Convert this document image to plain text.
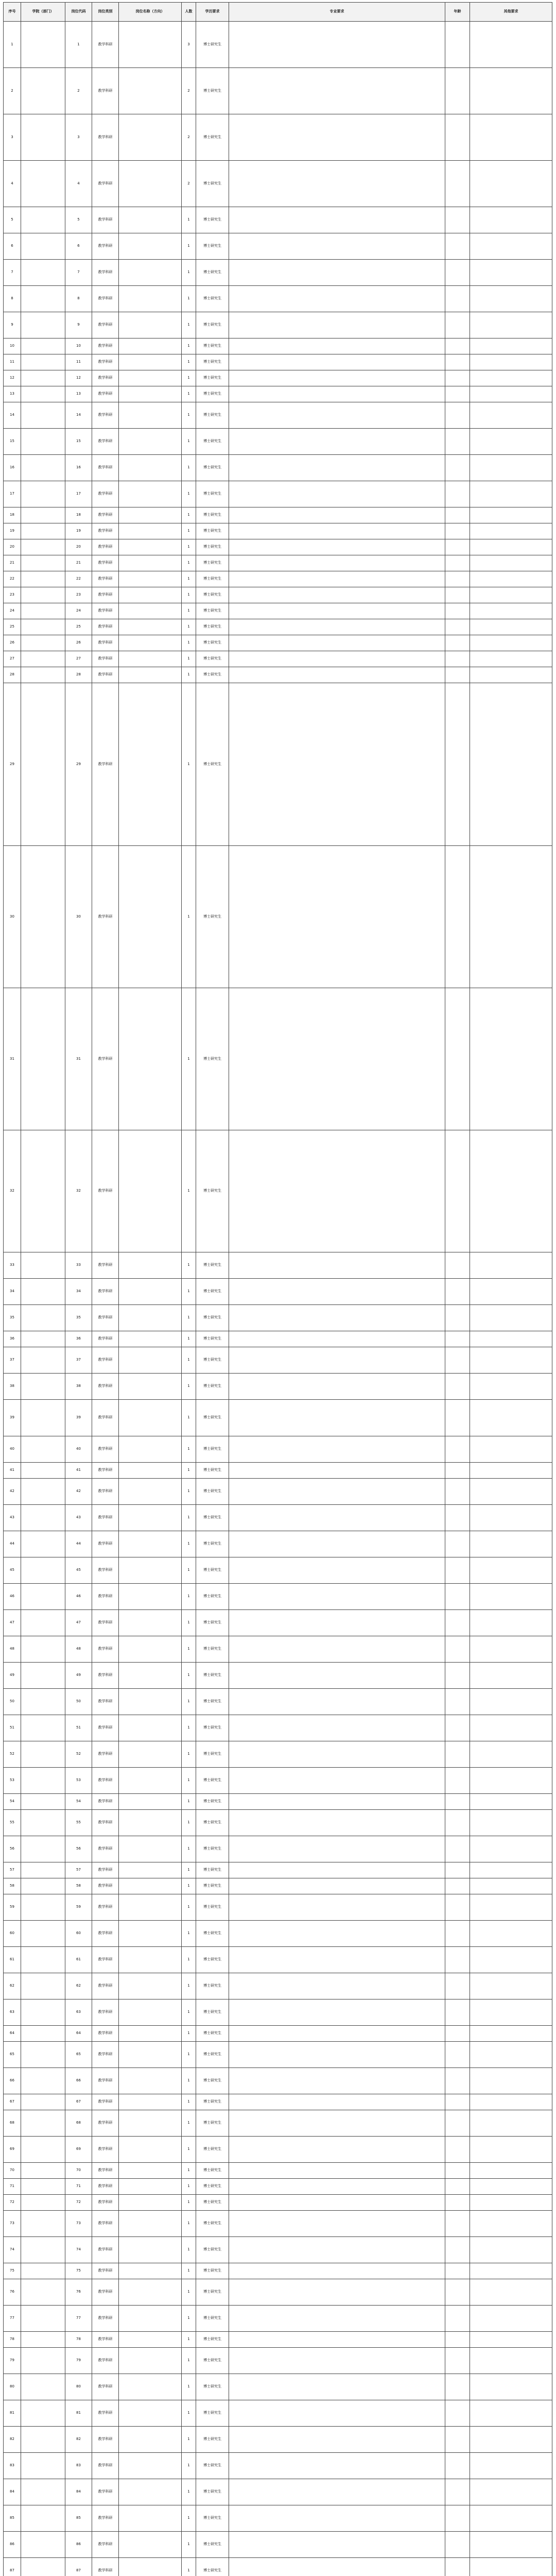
序号	学院（部门）	岗位代码	岗位类别	岗位名称（方向）	人数	学历要求	专业要求	年龄	其他要求
1		1	教学科研		3	博士研究生			
2		2	教学科研		2	博士研究生			
3		3	教学科研		2	博士研究生			
4		4	教学科研		2	博士研究生			
5		5	教学科研		1	博士研究生			
6		6	教学科研		1	博士研究生			
7		7	教学科研		1	博士研究生			
8		8	教学科研		1	博士研究生			
9		9	教学科研		1	博士研究生			
10		10	教学科研		1	博士研究生			
11		11	教学科研		1	博士研究生			
12		12	教学科研		1	博士研究生			
13		13	教学科研		1	博士研究生			
14		14	教学科研		1	博士研究生			
15		15	教学科研		1	博士研究生			
16		16	教学科研		1	博士研究生			
17		17	教学科研		1	博士研究生			
18		18	教学科研		1	博士研究生			
19		19	教学科研		1	博士研究生			
20		20	教学科研		1	博士研究生			
21		21	教学科研		1	博士研究生			
22		22	教学科研		1	博士研究生			
23		23	教学科研		1	博士研究生			
24		24	教学科研		1	博士研究生			
25		25	教学科研		1	博士研究生			
26		26	教学科研		1	博士研究生			
27		27	教学科研		1	博士研究生			
28		28	教学科研		1	博士研究生			
29		29	教学科研		1	博士研究生			
30		30	教学科研		1	博士研究生			
31		31	教学科研		1	博士研究生			
32		32	教学科研		1	博士研究生			
33		33	教学科研		1	博士研究生			
34		34	教学科研		1	博士研究生			
35		35	教学科研		1	博士研究生			
36		36	教学科研		1	博士研究生			
37		37	教学科研		1	博士研究生			
38		38	教学科研		1	博士研究生			
39		39	教学科研		1	博士研究生			
40		40	教学科研		1	博士研究生			
41		41	教学科研		1	博士研究生			
42		42	教学科研		1	博士研究生			
43		43	教学科研		1	博士研究生			
44		44	教学科研		1	博士研究生			
45		45	教学科研		1	博士研究生			
46		46	教学科研		1	博士研究生			
47		47	教学科研		1	博士研究生			
48		48	教学科研		1	博士研究生			
49		49	教学科研		1	博士研究生			
50		50	教学科研		1	博士研究生			
51		51	教学科研		1	博士研究生			
52		52	教学科研		1	博士研究生			
53		53	教学科研		1	博士研究生			
54		54	教学科研		1	博士研究生			
55		55	教学科研		1	博士研究生			
56		56	教学科研		1	博士研究生			
57		57	教学科研		1	博士研究生			
58		58	教学科研		1	博士研究生			
59		59	教学科研		1	博士研究生			
60		60	教学科研		1	博士研究生			
61		61	教学科研		1	博士研究生			
62		62	教学科研		1	博士研究生			
63		63	教学科研		1	博士研究生			
64		64	教学科研		1	博士研究生			
65		65	教学科研		1	博士研究生			
66		66	教学科研		1	博士研究生			
67		67	教学科研		1	博士研究生			
68		68	教学科研		1	博士研究生			
69		69	教学科研		1	博士研究生			
70		70	教学科研		1	博士研究生			
71		71	教学科研		1	博士研究生			
72		72	教学科研		1	博士研究生			
73		73	教学科研		1	博士研究生			
74		74	教学科研		1	博士研究生			
75		75	教学科研		1	博士研究生			
76		76	教学科研		1	博士研究生			
77		77	教学科研		1	博士研究生			
78		78	教学科研		1	博士研究生			
79		79	教学科研		1	博士研究生			
80		80	教学科研		1	博士研究生			
81		81	教学科研		1	博士研究生			
82		82	教学科研		1	博士研究生			
83		83	教学科研		1	博士研究生			
84		84	教学科研		1	博士研究生			
85		85	教学科研		1	博士研究生			
86		86	教学科研		1	博士研究生			
87		87	教学科研		1	博士研究生			
